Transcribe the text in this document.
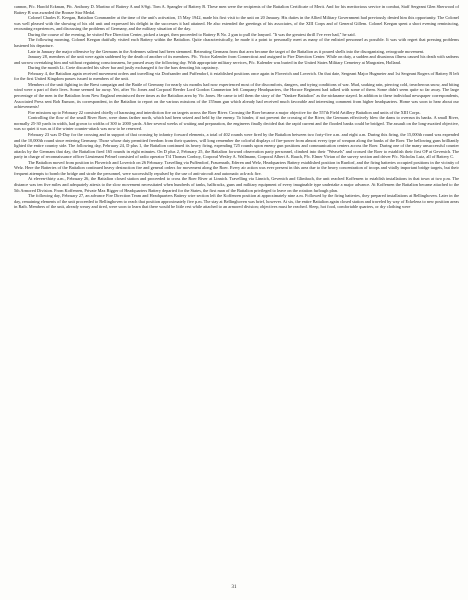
cannon, Pfc. Harold Eckman, Pfc. Anthony D. Martino of Battery A and S/Sgt. Tom A. Spangler of Battery B. These men were the recipients of the Battalion Certificate of Merit. And for his meritorious service in combat, Staff Sergeant Glen Sherwood of Battery B was awarded the Bronze Star Medal.

Colonel Charles E. Keegan, Battalion Commander at the time of the unit's activation, 15 May 1942, made his first visit to the unit on 20 January. His duties in the Allied Military Government had previously denied him this opportunity. The Colonel was well pleased with the showing of his old unit and expressed his delight in the successes it had attained. He also extended the greetings of his associates, of the XIII Corps and of General Gillem. Colonel Keegan spent a short evening reminiscing, recounting experiences, and discussing the problems of Germany, and the military situation of the day.

During the course of the evening, he visited Fire Direction Center, picked a target, then proceeded to Battery B No. 2 gun to pull the lanyard. "It was the greatest thrill I've ever had," he said.

The following morning, Colonel Keegan dutifully visited each Battery within the Battalion. Quite characteristically, he made it a point to personally meet as many of the enlisted personnel as possible. It was with regret that pressing problems hastened his departure.

Late in January the major offensive by the Germans in the Ardennes salient had been stemmed. Retreating Germans from that area became the target of the Battalion as it poured shells into the disorganizing, retrograde movement.

January 28, members of the unit were again saddened by the death of another of its members. Pfc. Victor Kalender from Connecticut and assigned to Fire Direction Center. While on duty, a sudden and disastrous illness caused his death with sadness and sorrow overtaking him and without regaining consciousness, he passed away the following day. With appropriate military services, Pfc. Kalender was buried in the United States Military Cemetery at Margraten, Holland.

During the month Lt. Crete discarded his silver bar and justly exchanged it for the bars denoting his captaincy.

February 4, the Battalion again received movement orders and travelling via Dorfsander and Puffendorf, it established positions once again in Floverich and Loverich. On that date, Sergeant Major Hugmeier and 1st Sergeant Rogers of Battery B left for the first United Kingdom passes issued to members of the unit.

Members of the unit fighting in the Brest campaign and the Battle of Germany for nearly six months had now experienced most of the discomforts, dangers, and trying conditions of war. Mud, soaking rain, piercing cold, treacherous snow, and biting wind were a part of their lives. Some seemed far away. Yet, after Vic Jones and Corporal Reeder Lord Gordon Cammerton left Company Headquarters, the Horace Regiment had talked with some of them. Some didn't seem quite so far away. The large percentage of the men in the Battalion from New England reminisced three times as the Battalion area by Vic Jones. He came to tell them the story of the "Yankee Battalion" as the nickname stayed. In addition to these individual newspaper correspondents, Associated Press sent Bob Eunson, its correspondent, in the Battalion to report on the various missions of the 155mm gun which already had received much favorable and interesting comment from higher headquarters. Home was soon to hear about our achievements!

Fire missions up to February 22 consisted chiefly of harassing and interdiction fire on targets across the Roer River. Crossing the Roer became a major objective for the 557th Field Artillery Battalion and units of the XIII Corps.

Controlling the flow of the small River Roer, were dams farther north, which had been seized and held by the enemy. To hinder, if not prevent the crossing of the River, the Germans effectively blew the dams to overrun its banks. A small River, normally 25-30 yards in width, had grown to widths of 300 to 2000 yards. After several weeks of waiting and preparation, the engineers finally decided that the rapid current and the flooded banks could be bridged. The assault on the long-awaited objective, was so quiet it was as if the winter counter-attack was now to be renewed.

February 23 was D-Day for the crossing and in support of that crossing by infantry forward elements, a total of 402 rounds were fired by the Battalion between two forty-five a.m. and eight a.m. During this firing, the 15,000th round was expended and the 10,000th round since entering Germany. Those whose duty permitted freedom from their quarters, will long remember the colorful displays of fire-power from almost every type of weapon along the banks of the Roer. The bellowing guns brilliantly lighted the entire country side. The following day, February 24, D plus 1, the Battalion continued its heavy firing, expending 725 rounds upon enemy gun positions and communication centers across the Roer. During one of the many unsuccessful counter attacks by the Germans that day, the Battalion fired 165 rounds in eight minutes. On D plus 2, February 25, the Battalion forward observation party personnel, climbed into their "Weasels" and crossed the Roer to establish their first OP at Gevenich. The party in charge of reconnaissance officer Lieutenant Pelmel consisted of radio operator T/4 Thomas Conboy, Corporal Wesley A. Wallmann, Corporal Albert A. Rauch, Pfc. Elmer Vivian of the survey section and driver Pfc. Nicholas Lutz, all of Battery C.

The Battalion moved from position in Floverich and Loverich on 26 February. Travelling via Puffendorf, Frauenrath, Ederen and Welz, Headquarters Battery established position in Rurdorf, and the firing batteries occupied positions in the vicinity of Welz. Here the Batteries of the Battalion continued heavy destruction fire and general orders for movement along the Roer. Every air action was ever present in this area due to the heavy concentration of troops and vitally important bridge targets, but their frequent attempts to bomb the bridge and strafe the personnel, were successfully repulsed by the use of anti-aircraft and automatic ack-ack fire.

At eleven-thirty a.m., February 26, the Battalion closed station and proceeded to cross the Roer River at Linnich. Travelling via Linnich, Gevenich and Glimbach, the unit reached Koffenren to establish installations in that town at two p.m. The distance was ten five miles and adequately attests to the slow movement necessitated when hundreds of tanks, halftracks, guns and military equipment of every imaginable type undertake a major advance. At Koffenren the Battalion became attached to the 5th Armored Division. From Koffenren, Private Max Rigger of Headquarters Battery departed for the States, the first man of the Battalion privileged to leave on the rotation furlough plan.

The following day, February 27, an advance Fire Direction Team and Headquarters Battery wire section left the Koffenren position at approximately nine a.m. Followed by the firing batteries, they prepared installations at Bellinghoven. Later in the day, remaining elements of the unit proceeded to Bellinghoven to reach that position approximately five p.m. The stay at Bellinghoven was brief, however. At six, the entire Battalion again closed station and traveled by way of Eckelenz to new position areas in Raib. Members of the unit, already weary and tired, were soon to learn that there would be little rest while attached to an armored division; objectives must be reached. Sleep, hot food, comfortable quarters, or dry clothing were

31
